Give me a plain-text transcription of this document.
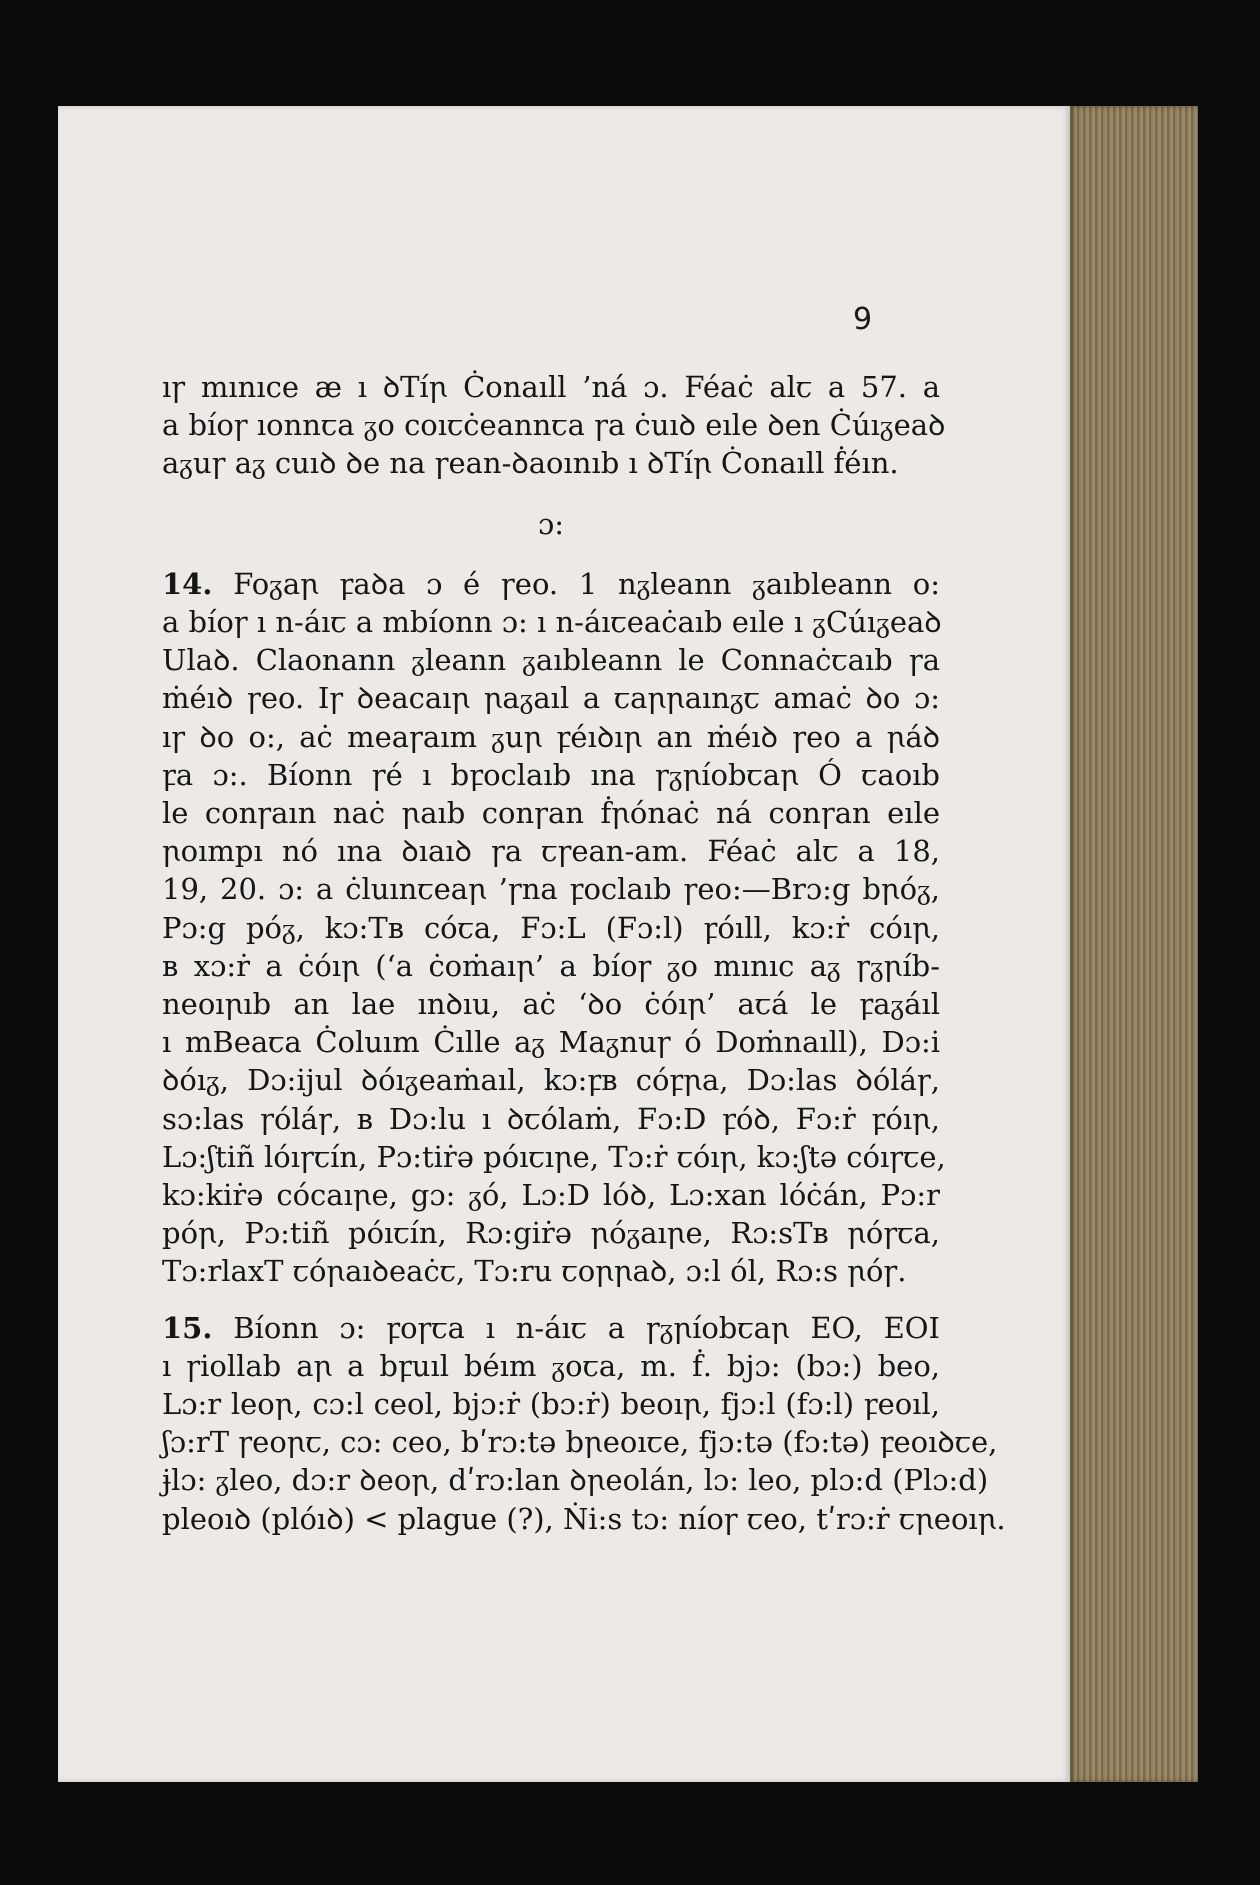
9
ıꞅ mınıce æ ı ꝺTíꞃ Ċonaıll ’ná ɔ. Féaċ alꞇ a 57. a
a bíoꞅ ıonnꞇa ᵹo coıꞇċeannꞇa ꞅa ċuıꝺ eıle ꝺen Ċúıᵹeaꝺ
aᵹuꞅ aᵹ cuıꝺ ꝺe na ꞅean-ꝺaoınıb ı ꝺTíꞃ Ċonaıll ḟéın.
ɔ:
14. Foᵹaꞃ ꝼaꝺa ɔ é ꞅeo. 1 nᵹleann ᵹaıbleann o:
a bíoꞅ ı n-áıꞇ a mbíonn ɔ: ı n-áıꞇeaċaıb eıle ı ᵹCúıᵹeaꝺ
Ulaꝺ. Claonann ᵹleann ᵹaıbleann le Connaċꞇaıb ꞅa
ṁéıꝺ ꞅeo. Iꞅ ꝺeacaıꞃ ꞃaᵹaıl a ꞇaꞃꞃaınᵹꞇ amaċ ꝺo ɔ:
ıꞅ ꝺo o:, aċ meaꞅaım ᵹuꞃ ꝼéıꝺıꞃ an ṁéıꝺ ꞅeo a ꞃáꝺ
ꝼa ɔ:. Bíonn ꞅé ı bꝼoclaıb ına ꞅᵹꞃíobꞇaꞃ Ó ꞇaoıb
le conꞅaın naċ ꞃaıb conꞅan ḟꞃónaċ ná conꞅan eıle
ꞃoımpı nó ına ꝺıaıꝺ ꞅa ꞇꞅean-am. Féaċ alꞇ a 18,
19, 20. ɔ: a ċluınꞇeaꞃ ’ꞅna ꝼoclaıb ꞅeo:—Brɔ:g bꞃóᵹ,
Pɔ:g póᵹ, kɔ:Tʙ cóꞇa, Fɔ:L (Fɔ:l) ꝼóıll, kɔ:ṙ cóıꞃ,
ʙ xɔ:ṙ a ċóıꞃ (‘a ċoṁaıꞃ’ a bíoꞅ ᵹo mınıc aᵹ ꞅᵹꞃíb-
neoıꞃıb an lae ınꝺıu, aċ ‘ꝺo ċóıꞃ’ aꞇá le ꝼaᵹáıl
ı mBeaꞇa Ċoluım Ċılle aᵹ Maᵹnuꞅ ó Doṁnaıll), Dɔ:i
ꝺóıᵹ, Dɔ:ijul ꝺóıᵹeaṁaıl, kɔ:ꝼʙ cóꝼꞃa, Dɔ:las ꝺóláꞅ,
sɔ:las ꞅóláꞅ, ʙ Dɔ:lu ı ꝺꞇólaṁ, Fɔ:D ꝼóꝺ, Fɔ:ṙ ꝼóıꞃ,
Lɔ:ʃtiñ lóıꞅꞇín, Pɔ:tiṙə póıꞇıꞃe, Tɔ:ṙ ꞇóıꞃ, kɔ:ʃtə cóıꞅꞇe,
kɔ:kiṙə cócaıꞃe, gɔ: ᵹó, Lɔ:D lóꝺ, Lɔ:xan lóċán, Pɔ:r
póꞃ, Pɔ:tiñ póıꞇín, Rɔ:giṙə ꞃóᵹaıꞃe, Rɔ:sTʙ ꞃóꞅꞇa,
Tɔ:rlaxT ꞇóꞃaıꝺeaċꞇ, Tɔ:ru ꞇoꞃꞃaꝺ, ɔ:l ól, Rɔ:s ꞃóꞅ.
15. Bíonn ɔ: ꝼoꞅꞇa ı n-áıꞇ a ꞅᵹꞃíobꞇaꞃ EO, EOI
ı ꞅiollab aꞃ a bꝼuıl béım ᵹoꞇa, m. ḟ. bjɔ: (bɔ:) beo,
Lɔ:r leoꞃ, cɔ:l ceol, bjɔ:ṙ (bɔ:ṙ) beoıꞃ, fjɔ:l (fɔ:l) ꝼeoıl,
ʃɔ:rT ꞅeoꞃꞇ, cɔ: ceo, bʹrɔ:tə bꞃeoıꞇe, fjɔ:tə (fɔ:tə) ꝼeoıꝺꞇe,
ɉlɔ: ᵹleo, dɔ:r ꝺeoꞃ, dʹrɔ:lan ꝺꞃeolán, lɔ: leo, plɔ:d (Plɔ:d)
pleoıꝺ (plóıꝺ) < plague (?), Ṅi:s tɔ: níoꞅ ꞇeo, tʹrɔ:ṙ ꞇꞃeoıꞃ.
